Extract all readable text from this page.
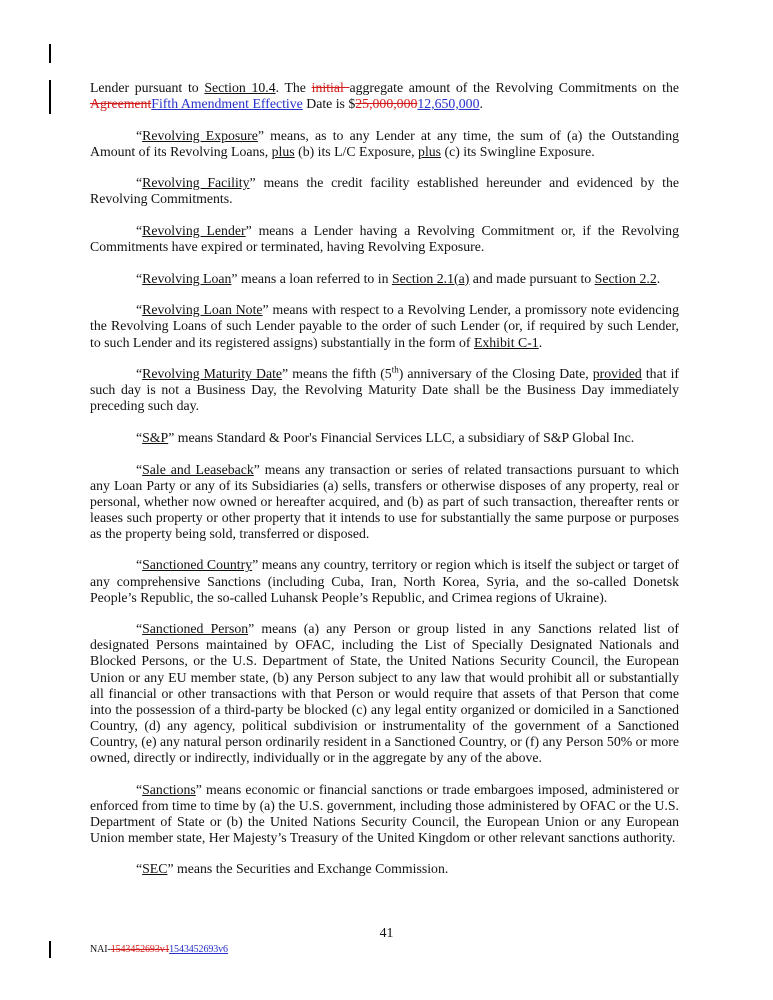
Lender pursuant to Section 10.4. The initial aggregate amount of the Revolving Commitments on the AgreementFifth Amendment Effective Date is $25,000,00012,650,000.

“Revolving Exposure” means, as to any Lender at any time, the sum of (a) the Outstanding Amount of its Revolving Loans, plus (b) its L/C Exposure, plus (c) its Swingline Exposure.

“Revolving Facility” means the credit facility established hereunder and evidenced by the Revolving Commitments.

“Revolving Lender” means a Lender having a Revolving Commitment or, if the Revolving Commitments have expired or terminated, having Revolving Exposure.

“Revolving Loan” means a loan referred to in Section 2.1(a) and made pursuant to Section 2.2.

“Revolving Loan Note” means with respect to a Revolving Lender, a promissory note evidencing the Revolving Loans of such Lender payable to the order of such Lender (or, if required by such Lender, to such Lender and its registered assigns) substantially in the form of Exhibit C-1.

“Revolving Maturity Date” means the fifth (5th) anniversary of the Closing Date, provided that if such day is not a Business Day, the Revolving Maturity Date shall be the Business Day immediately preceding such day.

“S&P” means Standard & Poor's Financial Services LLC, a subsidiary of S&P Global Inc.

“Sale and Leaseback” means any transaction or series of related transactions pursuant to which any Loan Party or any of its Subsidiaries (a) sells, transfers or otherwise disposes of any property, real or personal, whether now owned or hereafter acquired, and (b) as part of such transaction, thereafter rents or leases such property or other property that it intends to use for substantially the same purpose or purposes as the property being sold, transferred or disposed.

“Sanctioned Country” means any country, territory or region which is itself the subject or target of any comprehensive Sanctions (including Cuba, Iran, North Korea, Syria, and the so-called Donetsk People’s Republic, the so-called Luhansk People’s Republic, and Crimea regions of Ukraine).

“Sanctioned Person” means (a) any Person or group listed in any Sanctions related list of designated Persons maintained by OFAC, including the List of Specially Designated Nationals and Blocked Persons, or the U.S. Department of State, the United Nations Security Council, the European Union or any EU member state, (b) any Person subject to any law that would prohibit all or substantially all financial or other transactions with that Person or would require that assets of that Person that come into the possession of a third-party be blocked (c) any legal entity organized or domiciled in a Sanctioned Country, (d) any agency, political subdivision or instrumentality of the government of a Sanctioned Country, (e) any natural person ordinarily resident in a Sanctioned Country, or (f) any Person 50% or more owned, directly or indirectly, individually or in the aggregate by any of the above.

“Sanctions” means economic or financial sanctions or trade embargoes imposed, administered or enforced from time to time by (a) the U.S. government, including those administered by OFAC or the U.S. Department of State or (b) the United Nations Security Council, the European Union or any European Union member state, Her Majesty’s Treasury of the United Kingdom or other relevant sanctions authority.

“SEC” means the Securities and Exchange Commission.

41
NAI-1543452693v11543452693v6
